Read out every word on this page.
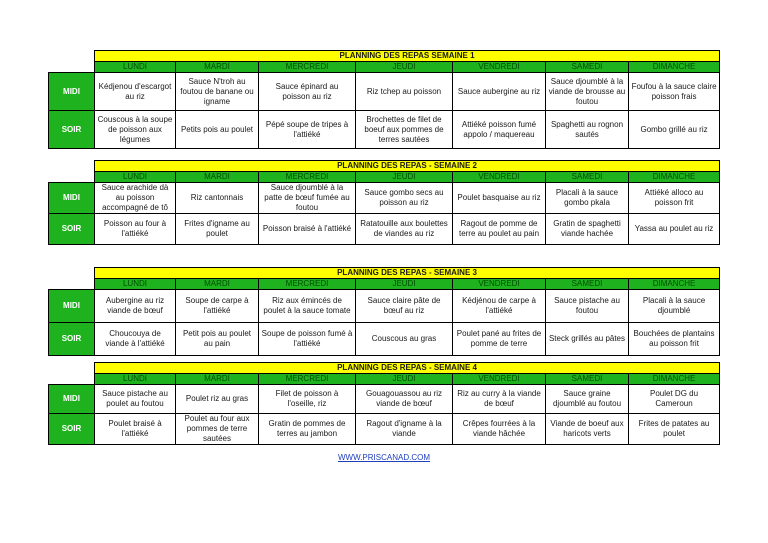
	PLANNING DES REPAS SEMAINE 1						
	LUNDI	MARDI	MERCREDI	JEUDI	VENDREDI	SAMEDI	DIMANCHE
MIDI	Kédjenou d'escargot au riz	Sauce N'troh au foutou de banane ou igname	Sauce épinard au poisson au riz	Riz tchep au poisson	Sauce aubergine au riz	Sauce djoumblé à la viande de brousse au foutou	Foufou à la sauce claire poisson frais
SOIR	Couscous à la soupe de poisson aux légumes	Petits pois au poulet	Pépé soupe de tripes à l'attiéké	Brochettes de filet de boeuf aux pommes de terres sautées	Attiéké poisson fumé appolo / maquereau	Spaghetti au rognon sautés	Gombo grillé au riz
	PLANNING DES REPAS - SEMAINE 2						
	LUNDI	MARDI	MERCREDI	JEUDI	VENDREDI	SAMEDI	DIMANCHE
MIDI	Sauce arachide dà au poisson accompagné de tô	Riz cantonnais	Sauce djoumblé à la patte de bœuf fumée au foutou	Sauce gombo secs au poisson au riz	Poulet basquaise au riz	Placali à la sauce gombo pkala	Attiéké alloco au poisson frit
SOIR	Poisson au four à l'attiéké	Frites d'igname au poulet	Poisson braisé à l'attiéké	Ratatouille aux boulettes de viandes au riz	Ragout de pomme de terre au poulet au pain	Gratin de spaghetti viande hachée	Yassa au poulet au riz
	PLANNING DES REPAS - SEMAINE 3						
	LUNDI	MARDI	MERCREDI	JEUDI	VENDREDI	SAMEDI	DIMANCHE
MIDI	Aubergine au riz viande de bœuf	Soupe de carpe à l'attiéké	Riz aux émincés de poulet à la sauce tomate	Sauce claire pâte de bœuf au riz	Kédjénou de carpe à l'attiéké	Sauce pistache au foutou	Placali à la sauce djoumblé
SOIR	Choucouya de viande à l'attiéké	Petit pois au poulet au pain	Soupe de poisson fumé à l'attiéké	Couscous au gras	Poulet pané au frites de pomme de terre	Steck grillés au pâtes	Bouchées de plantains au poisson frit
	PLANNING DES REPAS - SEMAINE 4						
	LUNDI	MARDI	MERCREDI	JEUDI	VENDREDI	SAMEDI	DIMANCHE
MIDI	Sauce pistache au poulet au foutou	Poulet riz au gras	Filet de poisson à l'oseille, riz	Gouagouassou au riz viande de bœuf	Riz au curry à la viande de bœuf	Sauce graine djoumblé au foutou	Poulet DG du Cameroun
SOIR	Poulet braisé à l'attiéké	Poulet au four aux pommes de terre sautées	Gratin de pommes de terres au jambon	Ragout d'igname à la viande	Crêpes fourrées à la viande hâchée	Viande de boeuf aux haricots verts	Frites de patates au poulet
WWW.PRISCANAD.COM
